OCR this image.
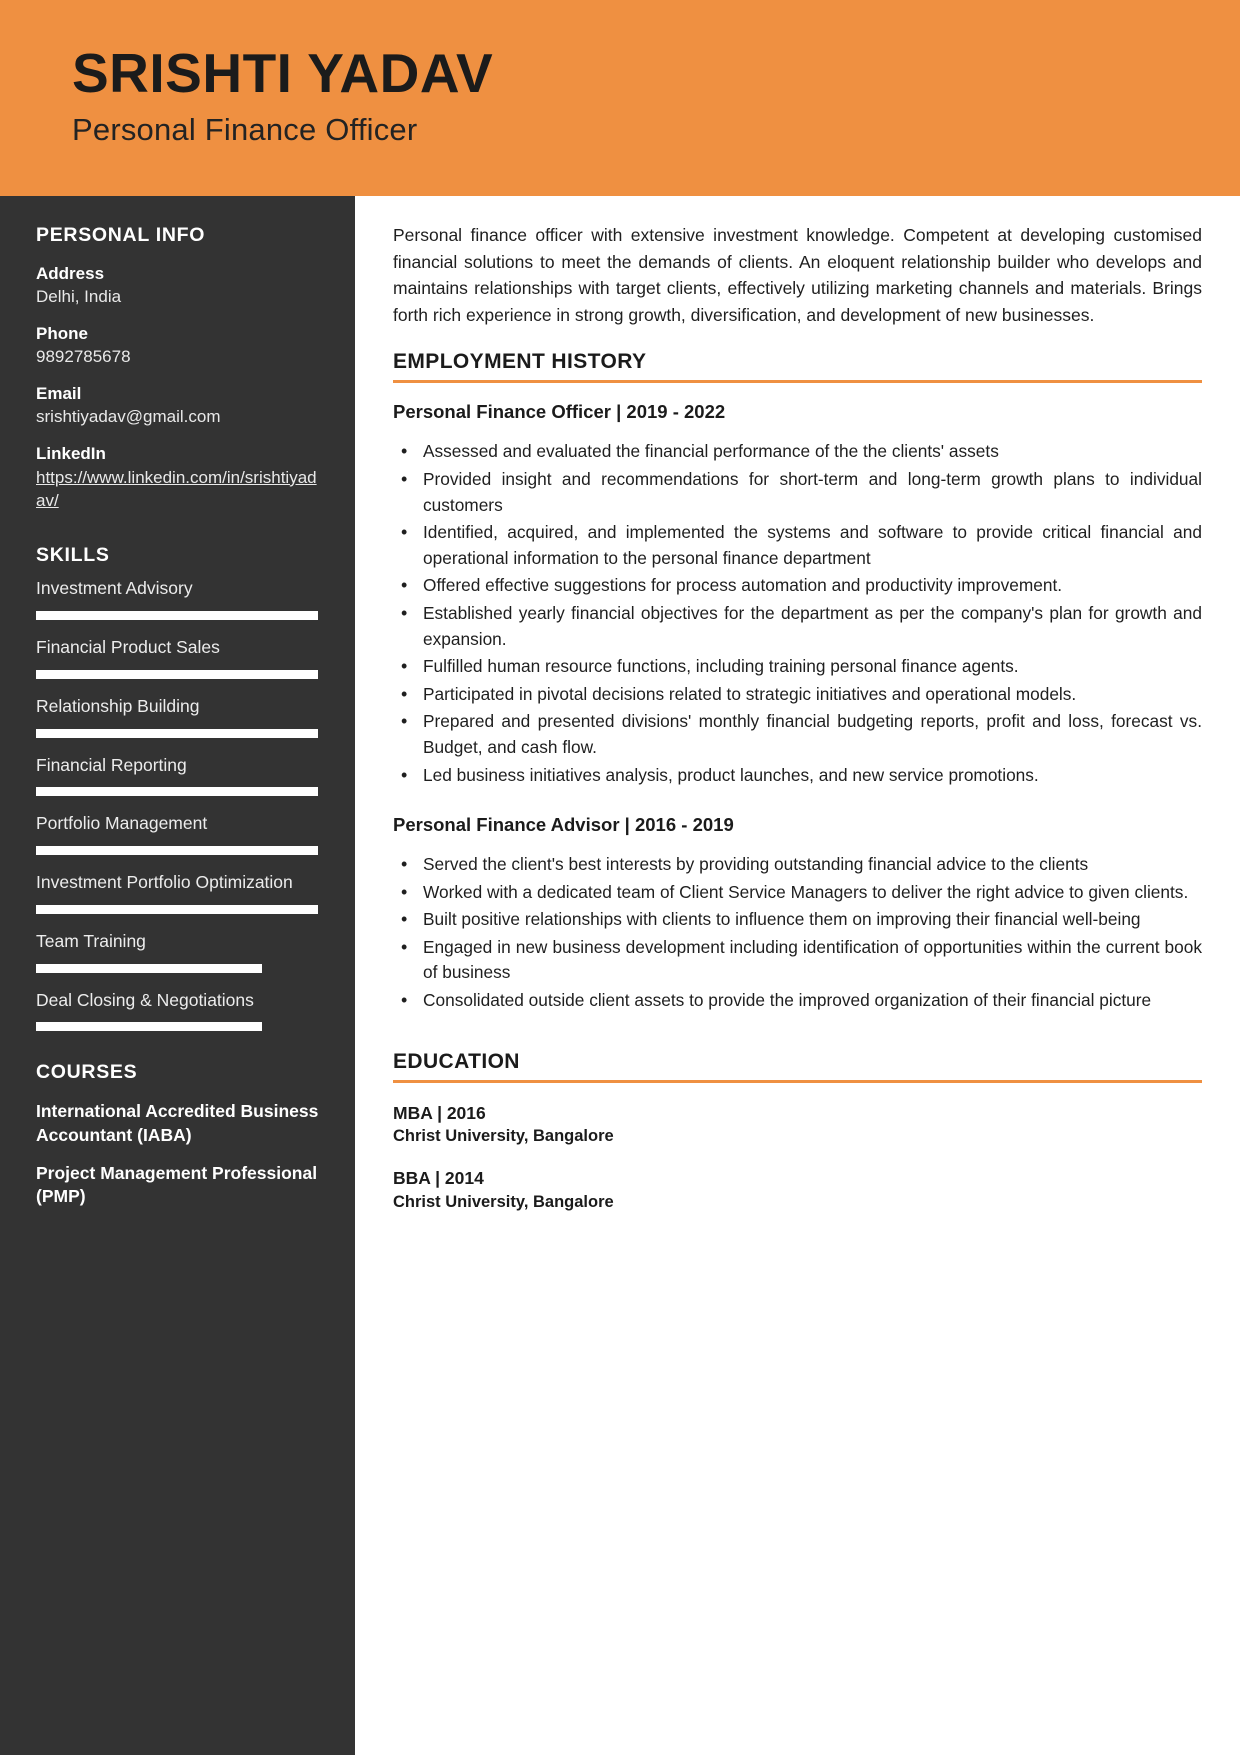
SRISHTI YADAV
Personal Finance Officer
PERSONAL INFO
Address
Delhi, India
Phone
9892785678
Email
srishtiyadav@gmail.com
LinkedIn
https://www.linkedin.com/in/srishtiyadav/
SKILLS
Investment Advisory
Financial Product Sales
Relationship Building
Financial Reporting
Portfolio Management
Investment Portfolio Optimization
Team Training
Deal Closing & Negotiations
COURSES
International Accredited Business Accountant (IABA)
Project Management Professional (PMP)

Personal finance officer with extensive investment knowledge. Competent at developing customised financial solutions to meet the demands of clients. An eloquent relationship builder who develops and maintains relationships with target clients, effectively utilizing marketing channels and materials. Brings forth rich experience in strong growth, diversification, and development of new businesses.

EMPLOYMENT HISTORY
Personal Finance Officer | 2019 - 2022
• Assessed and evaluated the financial performance of the the clients' assets
• Provided insight and recommendations for short-term and long-term growth plans to individual customers
• Identified, acquired, and implemented the systems and software to provide critical financial and operational information to the personal finance department
• Offered effective suggestions for process automation and productivity improvement.
• Established yearly financial objectives for the department as per the company's plan for growth and expansion.
• Fulfilled human resource functions, including training personal finance agents.
• Participated in pivotal decisions related to strategic initiatives and operational models.
• Prepared and presented divisions' monthly financial budgeting reports, profit and loss, forecast vs. Budget, and cash flow.
• Led business initiatives analysis, product launches, and new service promotions.
Personal Finance Advisor | 2016 - 2019
• Served the client's best interests by providing outstanding financial advice to the clients
• Worked with a dedicated team of Client Service Managers to deliver the right advice to given clients.
• Built positive relationships with clients to influence them on improving their financial well-being
• Engaged in new business development including identification of opportunities within the current book of business
• Consolidated outside client assets to provide the improved organization of their financial picture
EDUCATION
MBA | 2016
Christ University, Bangalore
BBA | 2014
Christ University, Bangalore
